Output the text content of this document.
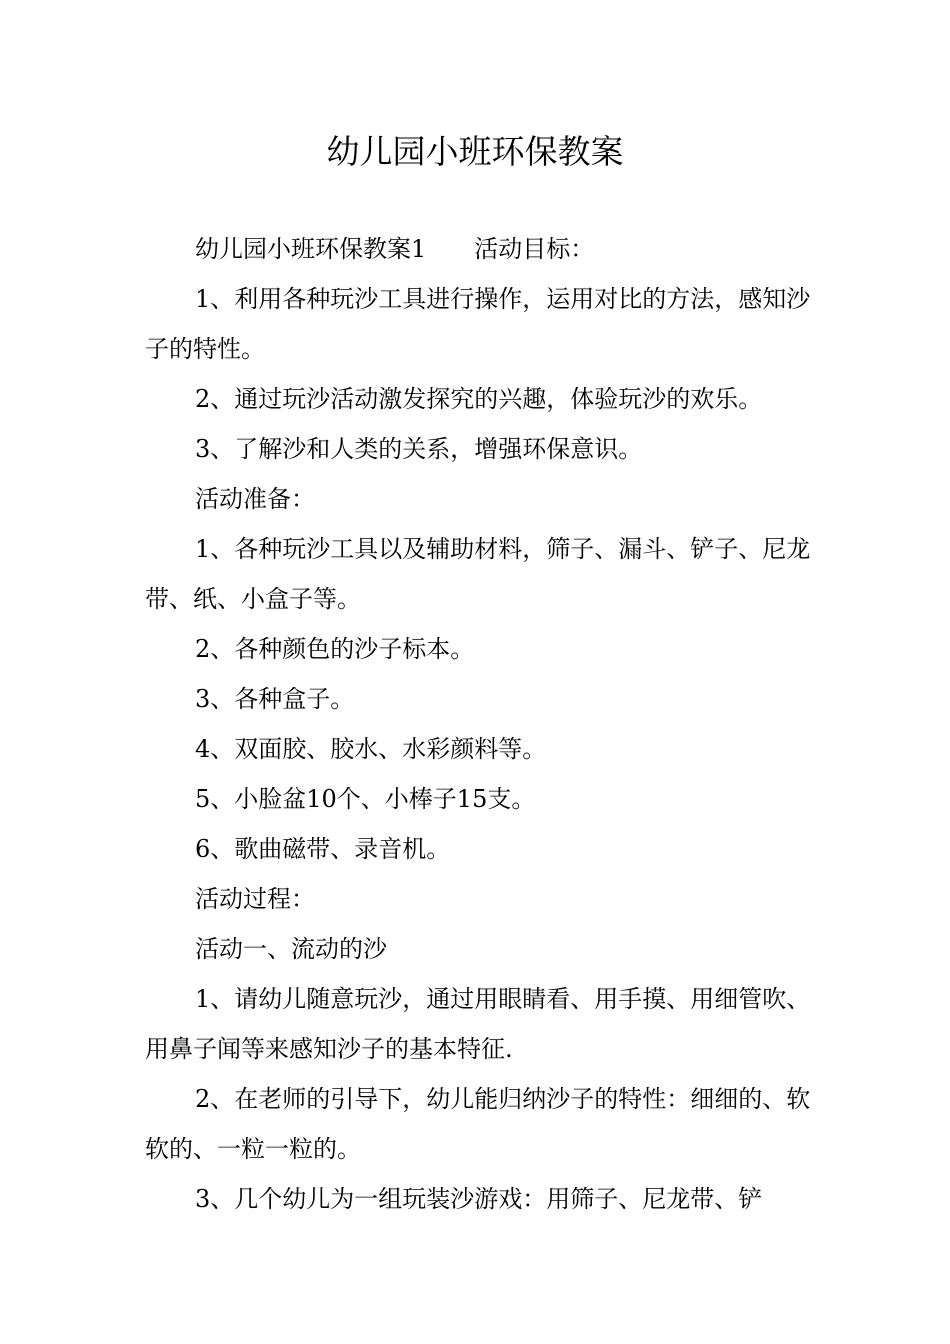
幼儿园小班环保教案

幼儿园小班环保教案1 活动目标：

1、利用各种玩沙工具进行操作，运用对比的方法，感知沙子的特性。

2、通过玩沙活动激发探究的兴趣，体验玩沙的欢乐。

3、了解沙和人类的关系，增强环保意识。

活动准备：

1、各种玩沙工具以及辅助材料，筛子、漏斗、铲子、尼龙带、纸、小盒子等。

2、各种颜色的沙子标本。

3、各种盒子。

4、双面胶、胶水、水彩颜料等。

5、小脸盆10个、小棒子15支。

6、歌曲磁带、录音机。

活动过程：

活动一、流动的沙

1、请幼儿随意玩沙，通过用眼睛看、用手摸、用细管吹、用鼻子闻等来感知沙子的基本特征.

2、在老师的引导下，幼儿能归纳沙子的特性：细细的、软软的、一粒一粒的。

3、几个幼儿为一组玩装沙游戏：用筛子、尼龙带、铲
